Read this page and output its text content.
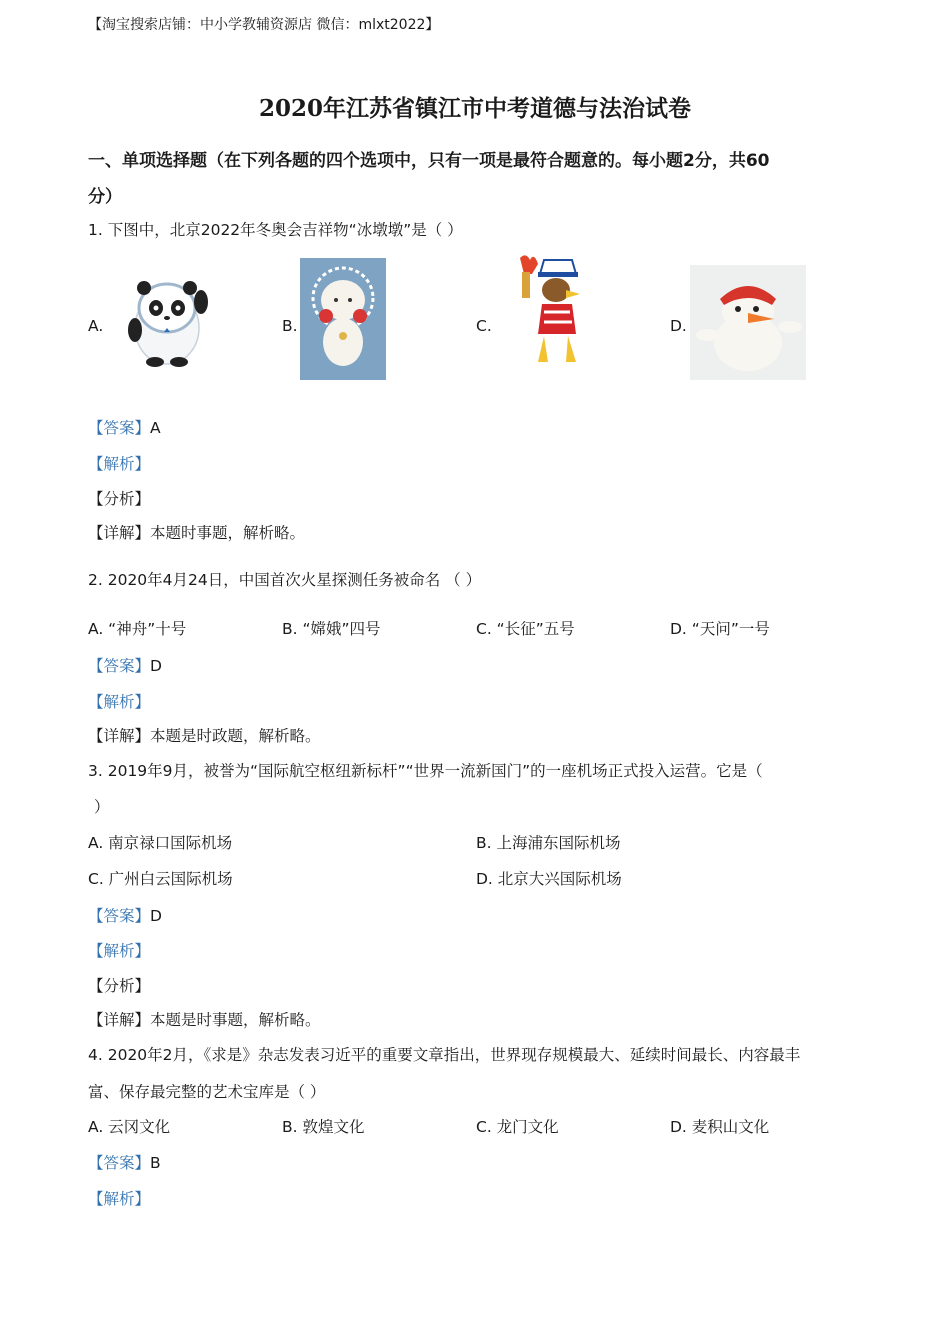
【淘宝搜索店铺：中小学教辅资源店 微信：mlxt2022】
2020年江苏省镇江市中考道德与法治试卷
一、单项选择题（在下列各题的四个选项中，只有一项是最符合题意的。每小题2分，共60
分）
1. 下图中，北京2022年冬奥会吉祥物“冰墩墩”是（ ）
A.	B.	C.	D.
【答案】A
【解析】
【分析】
【详解】本题时事题，解析略。
2. 2020年4月24日，中国首次火星探测任务被命名 （ ）
A. “神舟”十号	B. “嫦娥”四号	C. “长征”五号	D. “天问”一号
【答案】D
【解析】
【详解】本题是时政题，解析略。
3. 2019年9月，被誉为“国际航空枢纽新标杆”“世界一流新国门”的一座机场正式投入运营。它是（
）
A. 南京禄口国际机场	B. 上海浦东国际机场
C. 广州白云国际机场	D. 北京大兴国际机场
【答案】D
【解析】
【分析】
【详解】本题是时事题，解析略。
4. 2020年2月，《求是》杂志发表习近平的重要文章指出，世界现存规模最大、延续时间最长、内容最丰
富、保存最完整的艺术宝库是（ ）
A. 云冈文化	B. 敦煌文化	C. 龙门文化	D. 麦积山文化
【答案】B
【解析】
